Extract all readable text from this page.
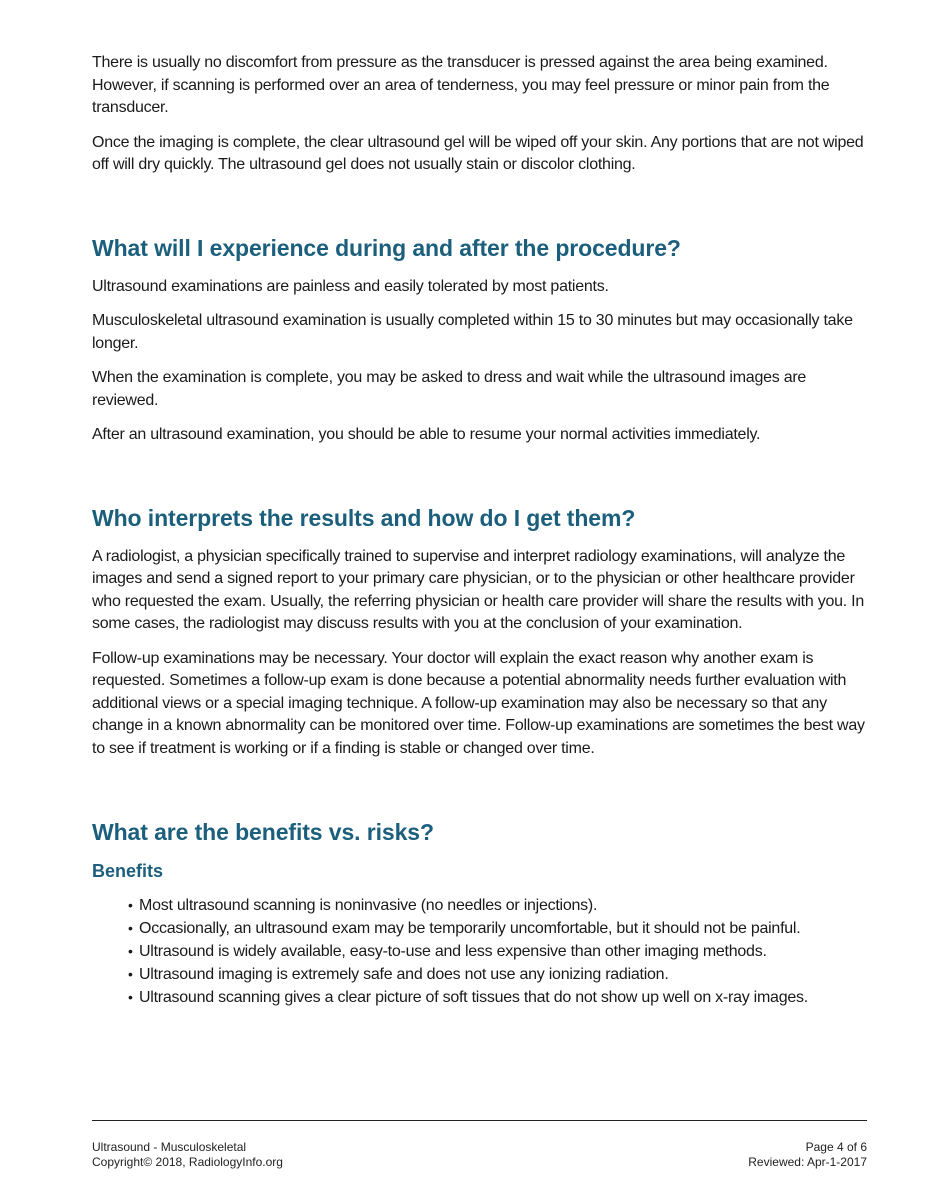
There is usually no discomfort from pressure as the transducer is pressed against the area being examined. However, if scanning is performed over an area of tenderness, you may feel pressure or minor pain from the transducer.

Once the imaging is complete, the clear ultrasound gel will be wiped off your skin. Any portions that are not wiped off will dry quickly. The ultrasound gel does not usually stain or discolor clothing.

What will I experience during and after the procedure?

Ultrasound examinations are painless and easily tolerated by most patients.

Musculoskeletal ultrasound examination is usually completed within 15 to 30 minutes but may occasionally take longer.

When the examination is complete, you may be asked to dress and wait while the ultrasound images are reviewed.

After an ultrasound examination, you should be able to resume your normal activities immediately.

Who interprets the results and how do I get them?

A radiologist, a physician specifically trained to supervise and interpret radiology examinations, will analyze the images and send a signed report to your primary care physician, or to the physician or other healthcare provider who requested the exam. Usually, the referring physician or health care provider will share the results with you. In some cases, the radiologist may discuss results with you at the conclusion of your examination.

Follow-up examinations may be necessary. Your doctor will explain the exact reason why another exam is requested. Sometimes a follow-up exam is done because a potential abnormality needs further evaluation with additional views or a special imaging technique. A follow-up examination may also be necessary so that any change in a known abnormality can be monitored over time. Follow-up examinations are sometimes the best way to see if treatment is working or if a finding is stable or changed over time.

What are the benefits vs. risks?
Benefits
• Most ultrasound scanning is noninvasive (no needles or injections).
• Occasionally, an ultrasound exam may be temporarily uncomfortable, but it should not be painful.
• Ultrasound is widely available, easy-to-use and less expensive than other imaging methods.
• Ultrasound imaging is extremely safe and does not use any ionizing radiation.
• Ultrasound scanning gives a clear picture of soft tissues that do not show up well on x-ray images.
Ultrasound - Musculoskeletal	Page 4 of 6
Copyright© 2018, RadiologyInfo.org	Reviewed: Apr-1-2017
